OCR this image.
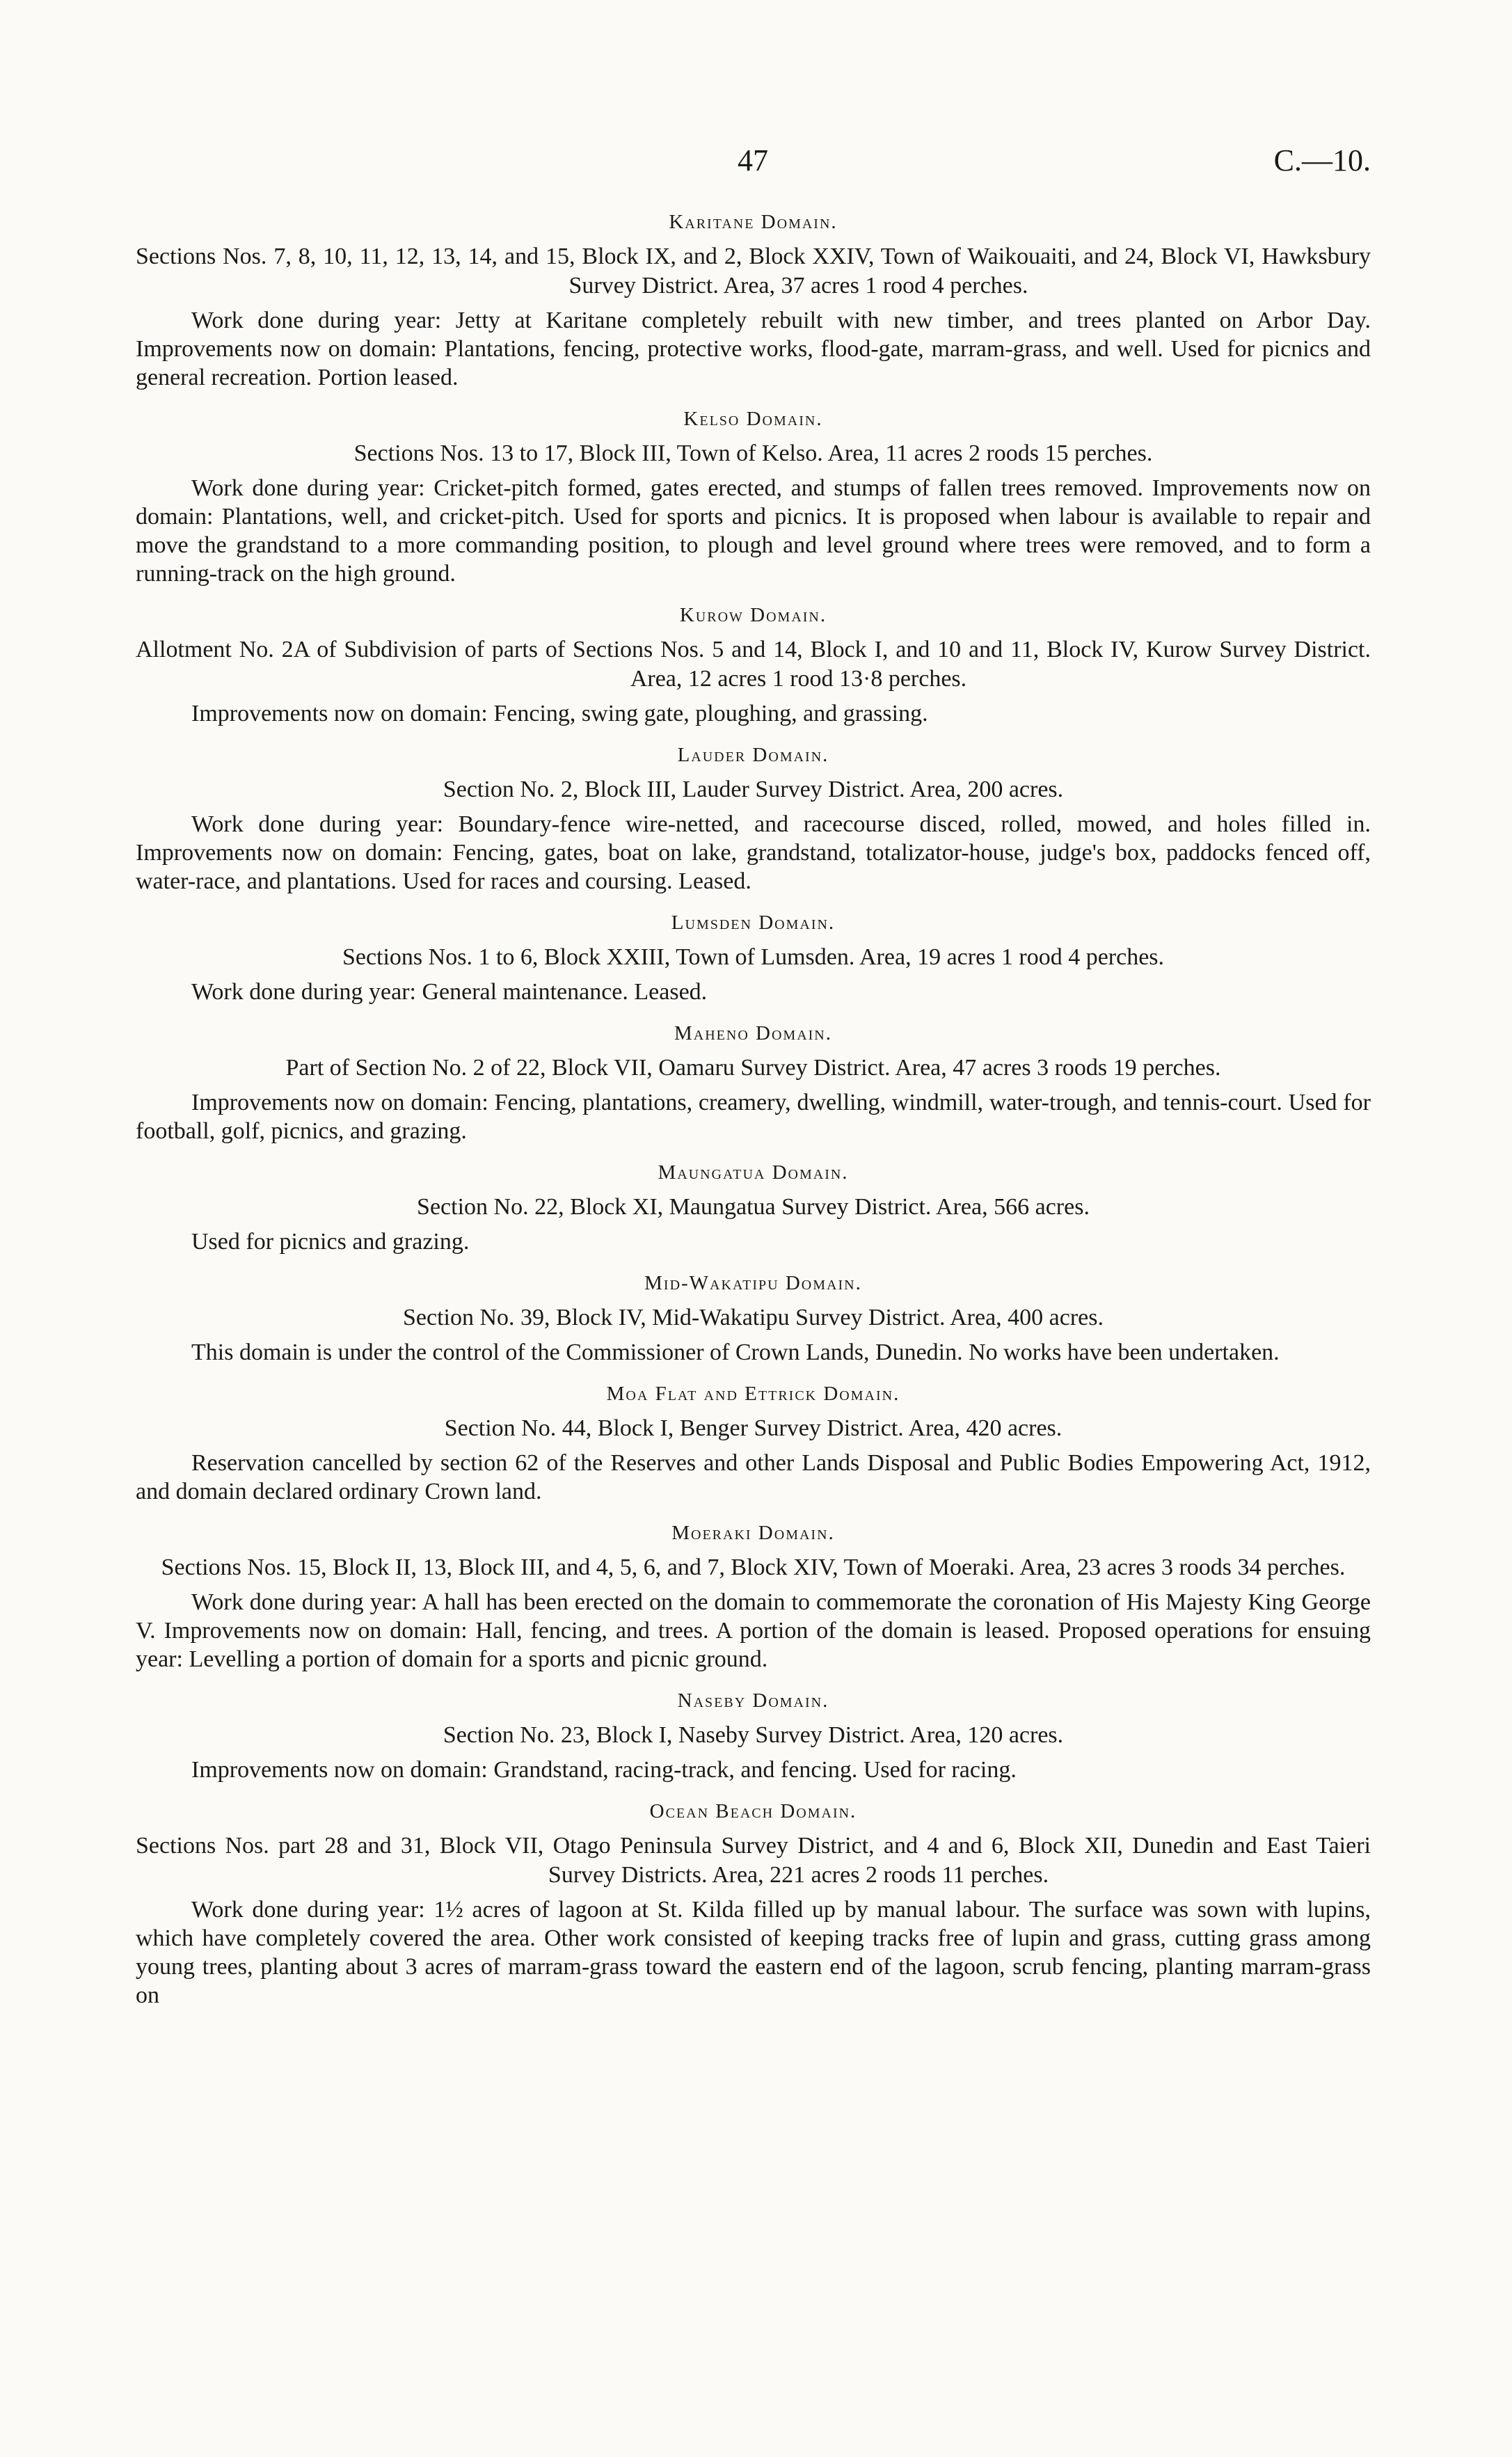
47	C.—10.
Karitane Domain.

Sections Nos. 7, 8, 10, 11, 12, 13, 14, and 15, Block IX, and 2, Block XXIV, Town of Waikouaiti, and 24, Block VI, Hawksbury Survey District. Area, 37 acres 1 rood 4 perches.

Work done during year: Jetty at Karitane completely rebuilt with new timber, and trees planted on Arbor Day. Improvements now on domain: Plantations, fencing, protective works, flood-gate, marram-grass, and well. Used for picnics and general recreation. Portion leased.

Kelso Domain.

Sections Nos. 13 to 17, Block III, Town of Kelso. Area, 11 acres 2 roods 15 perches.

Work done during year: Cricket-pitch formed, gates erected, and stumps of fallen trees removed. Improvements now on domain: Plantations, well, and cricket-pitch. Used for sports and picnics. It is proposed when labour is available to repair and move the grandstand to a more commanding position, to plough and level ground where trees were removed, and to form a running-track on the high ground.

Kurow Domain.

Allotment No. 2A of Subdivision of parts of Sections Nos. 5 and 14, Block I, and 10 and 11, Block IV, Kurow Survey District. Area, 12 acres 1 rood 13·8 perches.

Improvements now on domain: Fencing, swing gate, ploughing, and grassing.

Lauder Domain.

Section No. 2, Block III, Lauder Survey District. Area, 200 acres.

Work done during year: Boundary-fence wire-netted, and racecourse disced, rolled, mowed, and holes filled in. Improvements now on domain: Fencing, gates, boat on lake, grandstand, totalizator-house, judge's box, paddocks fenced off, water-race, and plantations. Used for races and coursing. Leased.

Lumsden Domain.

Sections Nos. 1 to 6, Block XXIII, Town of Lumsden. Area, 19 acres 1 rood 4 perches.

Work done during year: General maintenance. Leased.

Maheno Domain.

Part of Section No. 2 of 22, Block VII, Oamaru Survey District. Area, 47 acres 3 roods 19 perches.

Improvements now on domain: Fencing, plantations, creamery, dwelling, windmill, water-trough, and tennis-court. Used for football, golf, picnics, and grazing.

Maungatua Domain.

Section No. 22, Block XI, Maungatua Survey District. Area, 566 acres.

Used for picnics and grazing.

Mid-Wakatipu Domain.

Section No. 39, Block IV, Mid-Wakatipu Survey District. Area, 400 acres.

This domain is under the control of the Commissioner of Crown Lands, Dunedin. No works have been undertaken.

Moa Flat and Ettrick Domain.

Section No. 44, Block I, Benger Survey District. Area, 420 acres.

Reservation cancelled by section 62 of the Reserves and other Lands Disposal and Public Bodies Empowering Act, 1912, and domain declared ordinary Crown land.

Moeraki Domain.

Sections Nos. 15, Block II, 13, Block III, and 4, 5, 6, and 7, Block XIV, Town of Moeraki. Area, 23 acres 3 roods 34 perches.

Work done during year: A hall has been erected on the domain to commemorate the coronation of His Majesty King George V. Improvements now on domain: Hall, fencing, and trees. A portion of the domain is leased. Proposed operations for ensuing year: Levelling a portion of domain for a sports and picnic ground.

Naseby Domain.

Section No. 23, Block I, Naseby Survey District. Area, 120 acres.

Improvements now on domain: Grandstand, racing-track, and fencing. Used for racing.

Ocean Beach Domain.

Sections Nos. part 28 and 31, Block VII, Otago Peninsula Survey District, and 4 and 6, Block XII, Dunedin and East Taieri Survey Districts. Area, 221 acres 2 roods 11 perches.

Work done during year: 1½ acres of lagoon at St. Kilda filled up by manual labour. The surface was sown with lupins, which have completely covered the area. Other work consisted of keeping tracks free of lupin and grass, cutting grass among young trees, planting about 3 acres of marram-grass toward the eastern end of the lagoon, scrub fencing, planting marram-grass on
